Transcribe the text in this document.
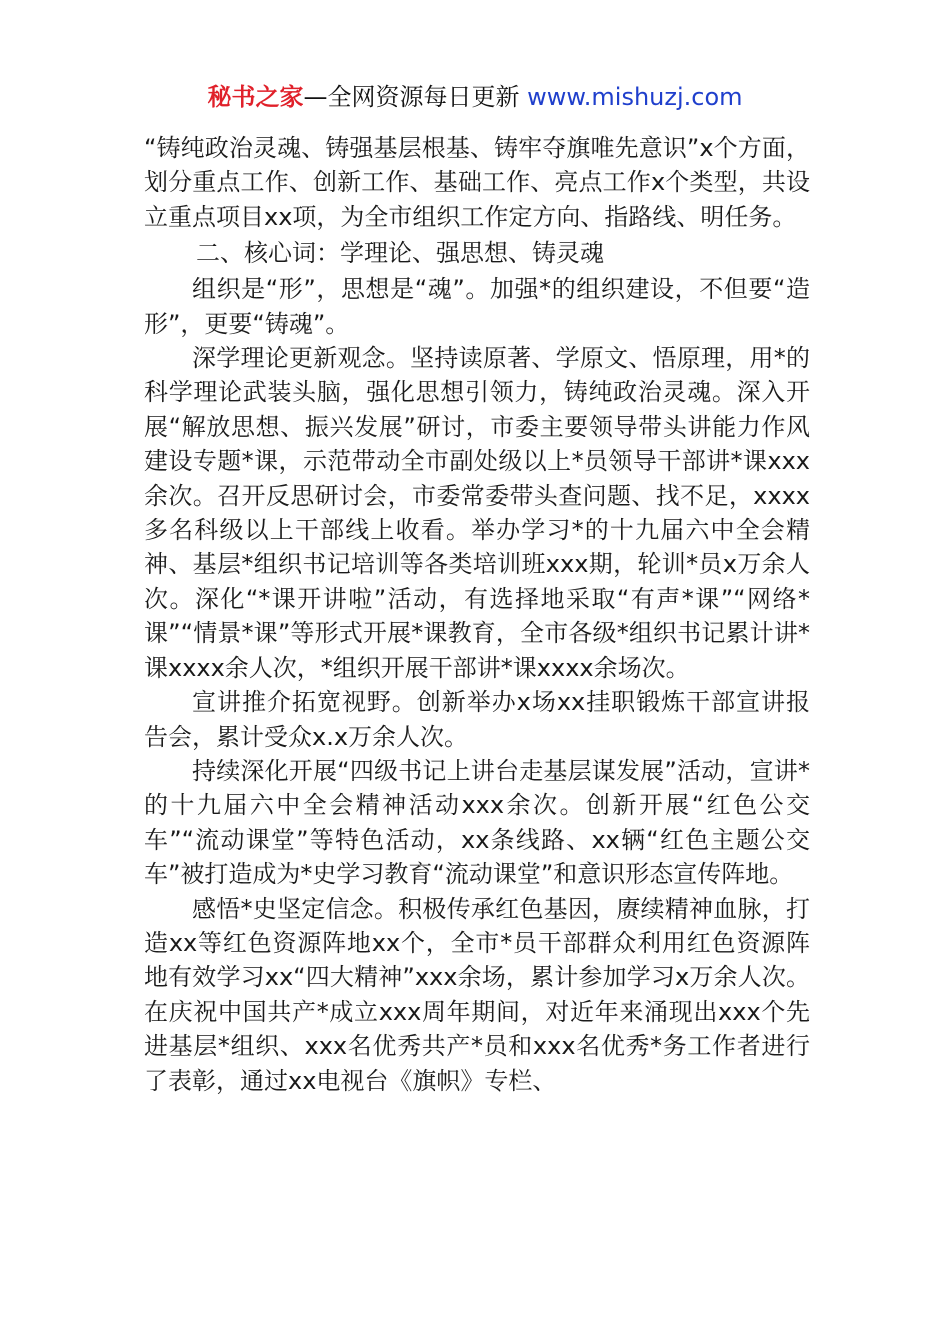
秘书之家—全网资源每日更新 www.mishuzj.com

“铸纯政治灵魂、铸强基层根基、铸牢夺旗唯先意识”x个方面，划分重点工作、创新工作、基础工作、亮点工作x个类型，共设立重点项目xx项，为全市组织工作定方向、指路线、明任务。

二、核心词：学理论、强思想、铸灵魂

组织是“形”，思想是“魂”。加强*的组织建设，不但要“造形”，更要“铸魂”。

深学理论更新观念。坚持读原著、学原文、悟原理，用*的科学理论武装头脑，强化思想引领力，铸纯政治灵魂。深入开展“解放思想、振兴发展”研讨，市委主要领导带头讲能力作风建设专题*课，示范带动全市副处级以上*员领导干部讲*课xxx余次。召开反思研讨会，市委常委带头查问题、找不足，xxxx多名科级以上干部线上收看。举办学习*的十九届六中全会精神、基层*组织书记培训等各类培训班xxx期，轮训*员x万余人次。深化“*课开讲啦”活动，有选择地采取“有声*课”“网络*课”“情景*课”等形式开展*课教育，全市各级*组织书记累计讲*课xxxx余人次，*组织开展干部讲*课xxxx余场次。

宣讲推介拓宽视野。创新举办x场xx挂职锻炼干部宣讲报告会，累计受众x.x万余人次。

持续深化开展“四级书记上讲台走基层谋发展”活动，宣讲*的十九届六中全会精神活动xxx余次。创新开展“红色公交车”“流动课堂”等特色活动，xx条线路、xx辆“红色主题公交车”被打造成为*史学习教育“流动课堂”和意识形态宣传阵地。

感悟*史坚定信念。积极传承红色基因，赓续精神血脉，打造xx等红色资源阵地xx个，全市*员干部群众利用红色资源阵地有效学习xx“四大精神”xxx余场，累计参加学习x万余人次。在庆祝中国共产*成立xxx周年期间，对近年来涌现出xxx个先进基层*组织、xxx名优秀共产*员和xxx名优秀*务工作者进行了表彰，通过xx电视台《旗帜》专栏、
